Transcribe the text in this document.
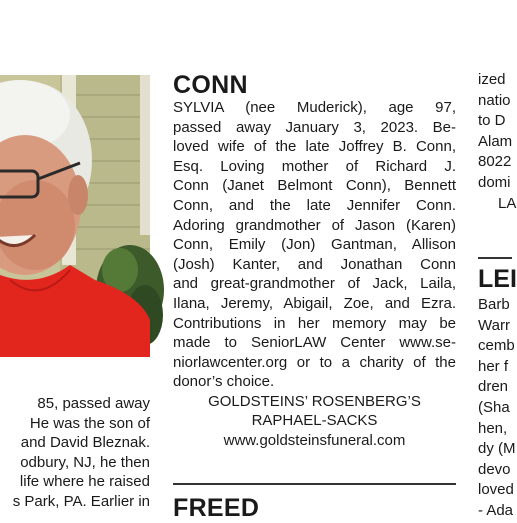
85, passed away
He was the son of
and David Bleznak.
odbury, NJ, he then
life where he raised
s Park, PA. Earlier in
CONN
SYLVIA (nee Muderick), age 97,
passed away January 3, 2023. Be-
loved wife of the late Joffrey B. Conn,
Esq. Loving mother of Richard J.
Conn (Janet Belmont Conn), Bennett
Conn, and the late Jennifer Conn.
Adoring grandmother of Jason (Karen)
Conn, Emily (Jon) Gantman, Allison
(Josh) Kanter, and Jonathan Conn
and great-grandmother of Jack, Laila,
Ilana, Jeremy, Abigail, Zoe, and Ezra.
Contributions in her memory may be
made to SeniorLAW Center www.se-
niorlawcenter.org or to a charity of the
donor’s choice.
GOLDSTEINS’ ROSENBERG’S
RAPHAEL-SACKS
www.goldsteinsfuneral.com
FREED
ized
natio
to D
Alam
8022
domi
LA
LEI
Barb
Warr
cemb
her f
dren
(Sha
hen,
dy (M
devo
loved
- Ada
